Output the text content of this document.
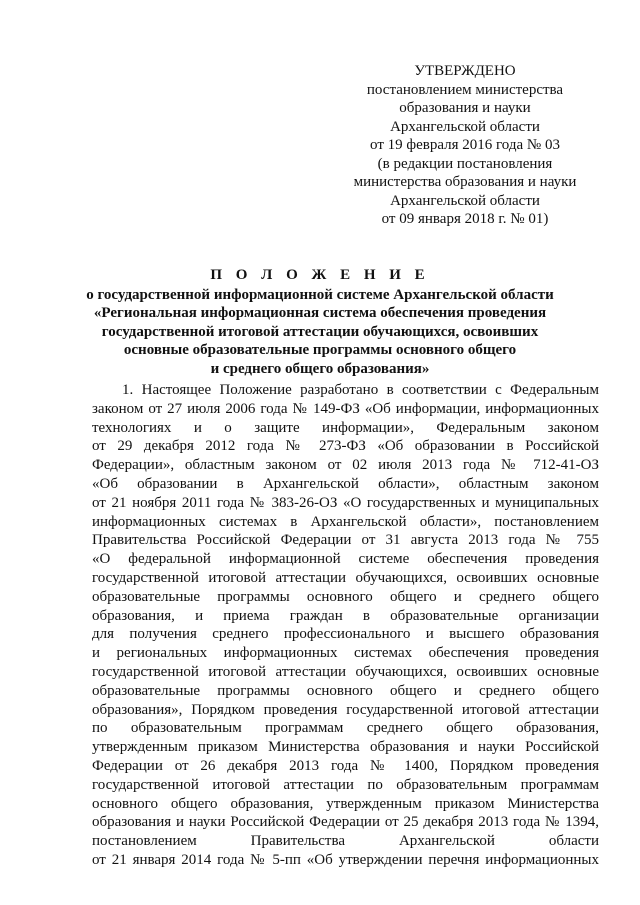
УТВЕРЖДЕНО
постановлением министерства
образования и науки
Архангельской области
от 19 февраля 2016 года № 03
(в редакции постановления
министерства образования и науки
Архангельской области
от 09 января 2018 г. № 01)
П О Л О Ж Е Н И Е
о государственной информационной системе Архангельской области
«Региональная информационная система обеспечения проведения
государственной итоговой аттестации обучающихся, освоивших
основные образовательные программы основного общего
и среднего общего образования»
1. Настоящее Положение разработано в соответствии с Федеральным
законом от 27 июля 2006 года № 149-ФЗ «Об информации, информационных
технологиях и о защите информации», Федеральным законом
от 29 декабря 2012 года № 273-ФЗ «Об образовании в Российской
Федерации», областным законом от 02 июля 2013 года № 712-41-ОЗ
«Об образовании в Архангельской области», областным законом
от 21 ноября 2011 года № 383-26-ОЗ «О государственных и муниципальных
информационных системах в Архангельской области», постановлением
Правительства Российской Федерации от 31 августа 2013 года № 755
«О федеральной информационной системе обеспечения проведения
государственной итоговой аттестации обучающихся, освоивших основные
образовательные программы основного общего и среднего общего
образования, и приема граждан в образовательные организации
для получения среднего профессионального и высшего образования
и региональных информационных системах обеспечения проведения
государственной итоговой аттестации обучающихся, освоивших основные
образовательные программы основного общего и среднего общего
образования», Порядком проведения государственной итоговой аттестации
по образовательным программам среднего общего образования,
утвержденным приказом Министерства образования и науки Российской
Федерации от 26 декабря 2013 года № 1400, Порядком проведения
государственной итоговой аттестации по образовательным программам
основного общего образования, утвержденным приказом Министерства
образования и науки Российской Федерации от 25 декабря 2013 года № 1394,
постановлением Правительства Архангельской области
от 21 января 2014 года № 5-пп «Об утверждении перечня информационных
